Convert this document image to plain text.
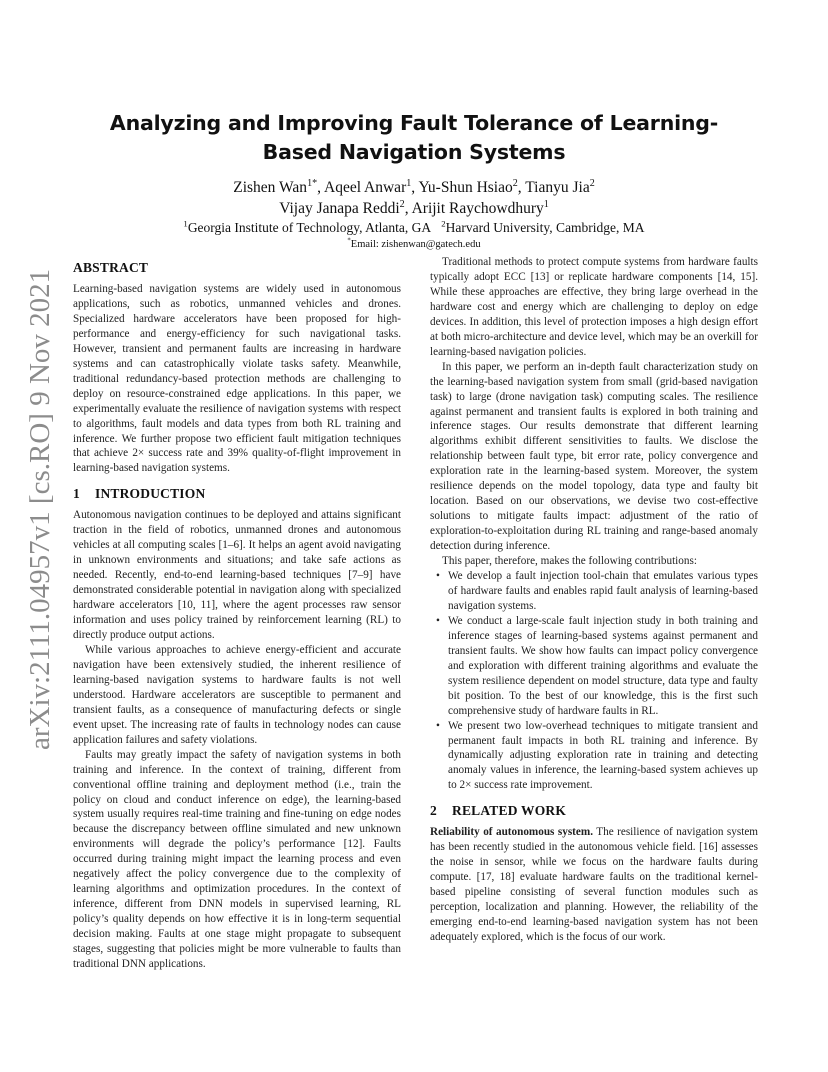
arXiv:2111.04957v1 [cs.RO] 9 Nov 2021
Analyzing and Improving Fault Tolerance of Learning-Based Navigation Systems
Zishen Wan$^{1*}$, Aqeel Anwar$^1$, Yu-Shun Hsiao$^2$, Tianyu Jia$^2$
Vijay Janapa Reddi$^2$, Arijit Raychowdhury$^1$
$^1$Georgia Institute of Technology, Atlanta, GA $^2$Harvard University, Cambridge, MA
*Email: zishenwan@gatech.edu
ABSTRACT

Learning-based navigation systems are widely used in autonomous applications, such as robotics, unmanned vehicles and drones. Specialized hardware accelerators have been proposed for high-performance and energy-efficiency for such navigational tasks. However, transient and permanent faults are increasing in hardware systems and can catastrophically violate tasks safety. Meanwhile, traditional redundancy-based protection methods are challenging to deploy on resource-constrained edge applications. In this paper, we experimentally evaluate the resilience of navigation systems with respect to algorithms, fault models and data types from both RL training and inference. We further propose two efficient fault mitigation techniques that achieve 2× success rate and 39% quality-of-flight improvement in learning-based navigation systems.

1 INTRODUCTION

Autonomous navigation continues to be deployed and attains significant traction in the field of robotics, unmanned drones and autonomous vehicles at all computing scales [1–6]. It helps an agent avoid navigating in unknown environments and situations; and take safe actions as needed. Recently, end-to-end learning-based techniques [7–9] have demonstrated considerable potential in navigation along with specialized hardware accelerators [10, 11], where the agent processes raw sensor information and uses policy trained by reinforcement learning (RL) to directly produce output actions.

While various approaches to achieve energy-efficient and accurate navigation have been extensively studied, the inherent resilience of learning-based navigation systems to hardware faults is not well understood. Hardware accelerators are susceptible to permanent and transient faults, as a consequence of manufacturing defects or single event upset. The increasing rate of faults in technology nodes can cause application failures and safety violations.

Faults may greatly impact the safety of navigation systems in both training and inference. In the context of training, different from conventional offline training and deployment method (i.e., train the policy on cloud and conduct inference on edge), the learning-based system usually requires real-time training and fine-tuning on edge nodes because the discrepancy between offline simulated and new unknown environments will degrade the policy’s performance [12]. Faults occurred during training might impact the learning process and even negatively affect the policy convergence due to the complexity of learning algorithms and optimization procedures. In the context of inference, different from DNN models in supervised learning, RL policy’s quality depends on how effective it is in long-term sequential decision making. Faults at one stage might propagate to subsequent stages, suggesting that policies might be more vulnerable to faults than traditional DNN applications.

Traditional methods to protect compute systems from hardware faults typically adopt ECC [13] or replicate hardware components [14, 15]. While these approaches are effective, they bring large overhead in the hardware cost and energy which are challenging to deploy on edge devices. In addition, this level of protection imposes a high design effort at both micro-architecture and device level, which may be an overkill for learning-based navigation policies.

In this paper, we perform an in-depth fault characterization study on the learning-based navigation system from small (grid-based navigation task) to large (drone navigation task) computing scales. The resilience against permanent and transient faults is explored in both training and inference stages. Our results demonstrate that different learning algorithms exhibit different sensitivities to faults. We disclose the relationship between fault type, bit error rate, policy convergence and exploration rate in the learning-based system. Moreover, the system resilience depends on the model topology, data type and faulty bit location. Based on our observations, we devise two cost-effective solutions to mitigate faults impact: adjustment of the ratio of exploration-to-exploitation during RL training and range-based anomaly detection during inference.

This paper, therefore, makes the following contributions:

• We develop a fault injection tool-chain that emulates various types of hardware faults and enables rapid fault analysis of learning-based navigation systems.
• We conduct a large-scale fault injection study in both training and inference stages of learning-based systems against permanent and transient faults. We show how faults can impact policy convergence and exploration with different training algorithms and evaluate the system resilience dependent on model structure, data type and faulty bit position. To the best of our knowledge, this is the first such comprehensive study of hardware faults in RL.
• We present two low-overhead techniques to mitigate transient and permanent fault impacts in both RL training and inference. By dynamically adjusting exploration rate in training and detecting anomaly values in inference, the learning-based system achieves up to 2× success rate improvement.
2 RELATED WORK

Reliability of autonomous system. The resilience of navigation system has been recently studied in the autonomous vehicle field. [16] assesses the noise in sensor, while we focus on the hardware faults during compute. [17, 18] evaluate hardware faults on the traditional kernel-based pipeline consisting of several function modules such as perception, localization and planning. However, the reliability of the emerging end-to-end learning-based navigation system has not been adequately explored, which is the focus of our work.
